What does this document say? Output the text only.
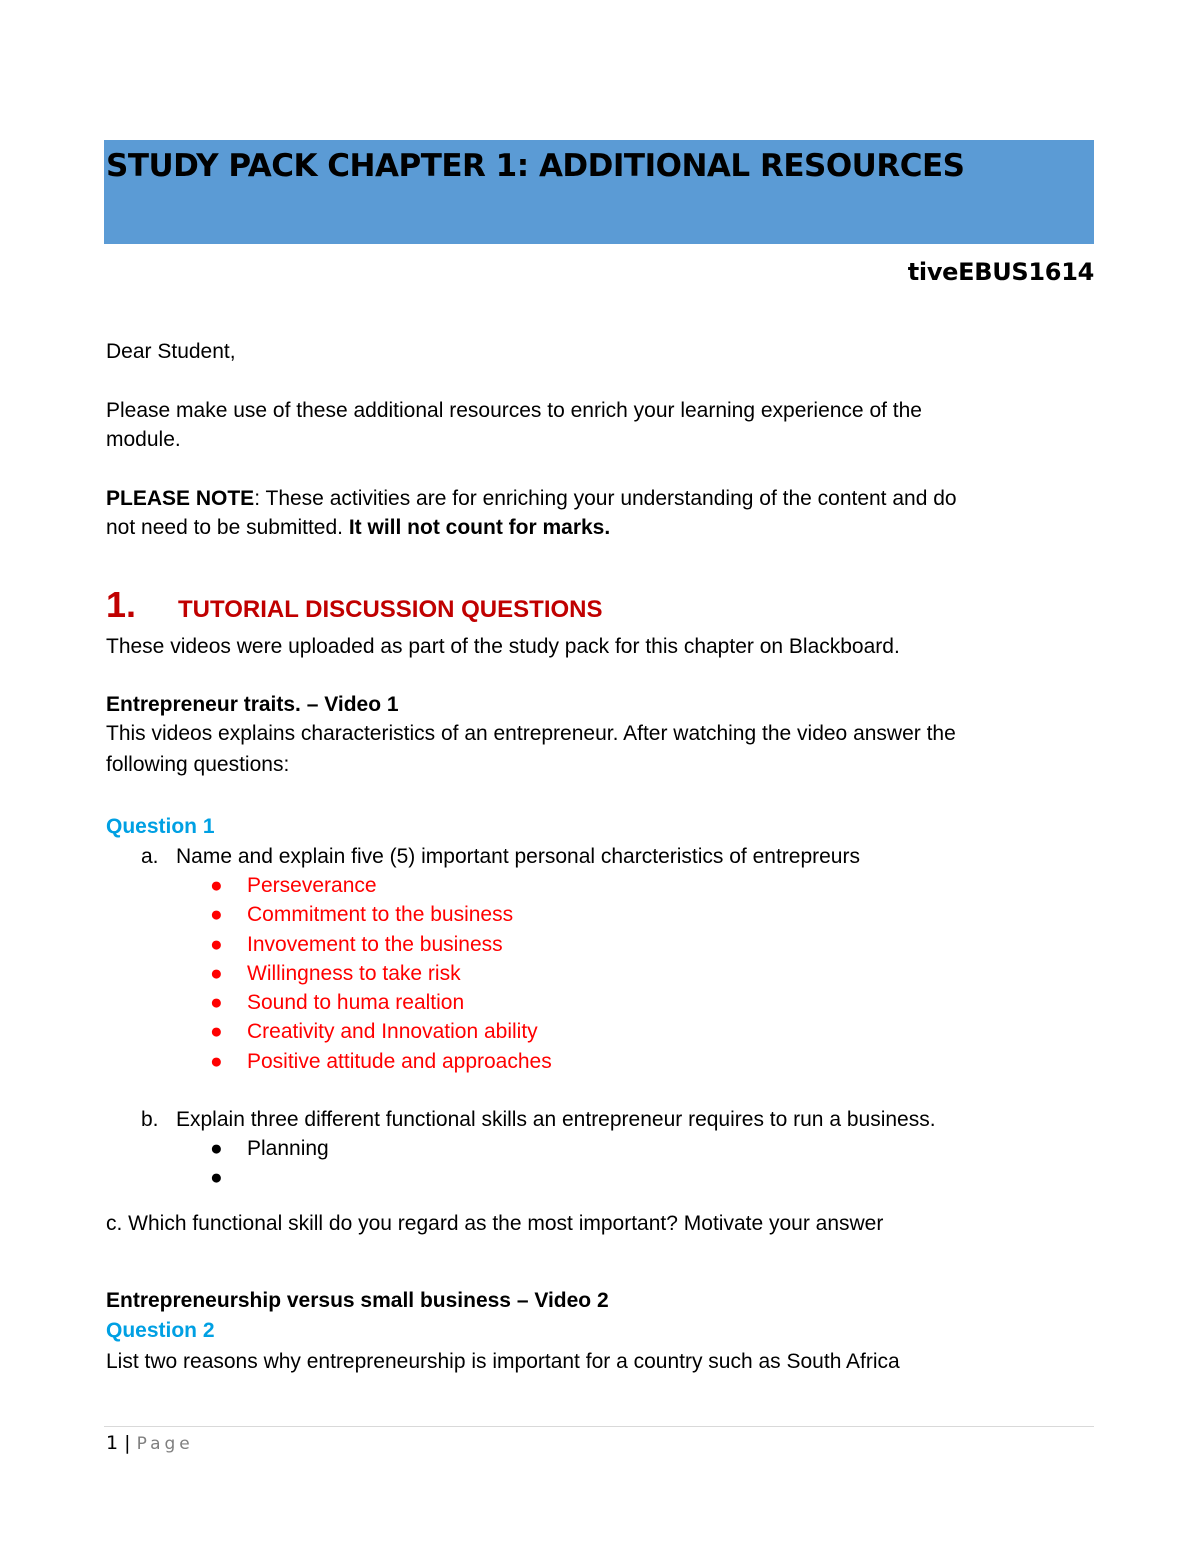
STUDY PACK CHAPTER 1: ADDITIONAL RESOURCES
tiveEBUS1614
Dear Student,
Please make use of these additional resources to enrich your learning experience of the
module.
PLEASE NOTE: These activities are for enriching your understanding of the content and do
not need to be submitted. It will not count for marks.
1. TUTORIAL DISCUSSION QUESTIONS
These videos were uploaded as part of the study pack for this chapter on Blackboard.
Entrepreneur traits. – Video 1
This videos explains characteristics of an entrepreneur. After watching the video answer the
following questions:
Question 1
a. Name and explain five (5) important personal charcteristics of entrepreurs
● Perseverance
● Commitment to the business
● Invovement to the business
● Willingness to take risk
● Sound to huma realtion
● Creativity and Innovation ability
● Positive attitude and approaches
b. Explain three different functional skills an entrepreneur requires to run a business.
● Planning
●

c. Which functional skill do you regard as the most important? Motivate your answer
Entrepreneurship versus small business – Video 2
Question 2
List two reasons why entrepreneurship is important for a country such as South Africa
1 | Page
